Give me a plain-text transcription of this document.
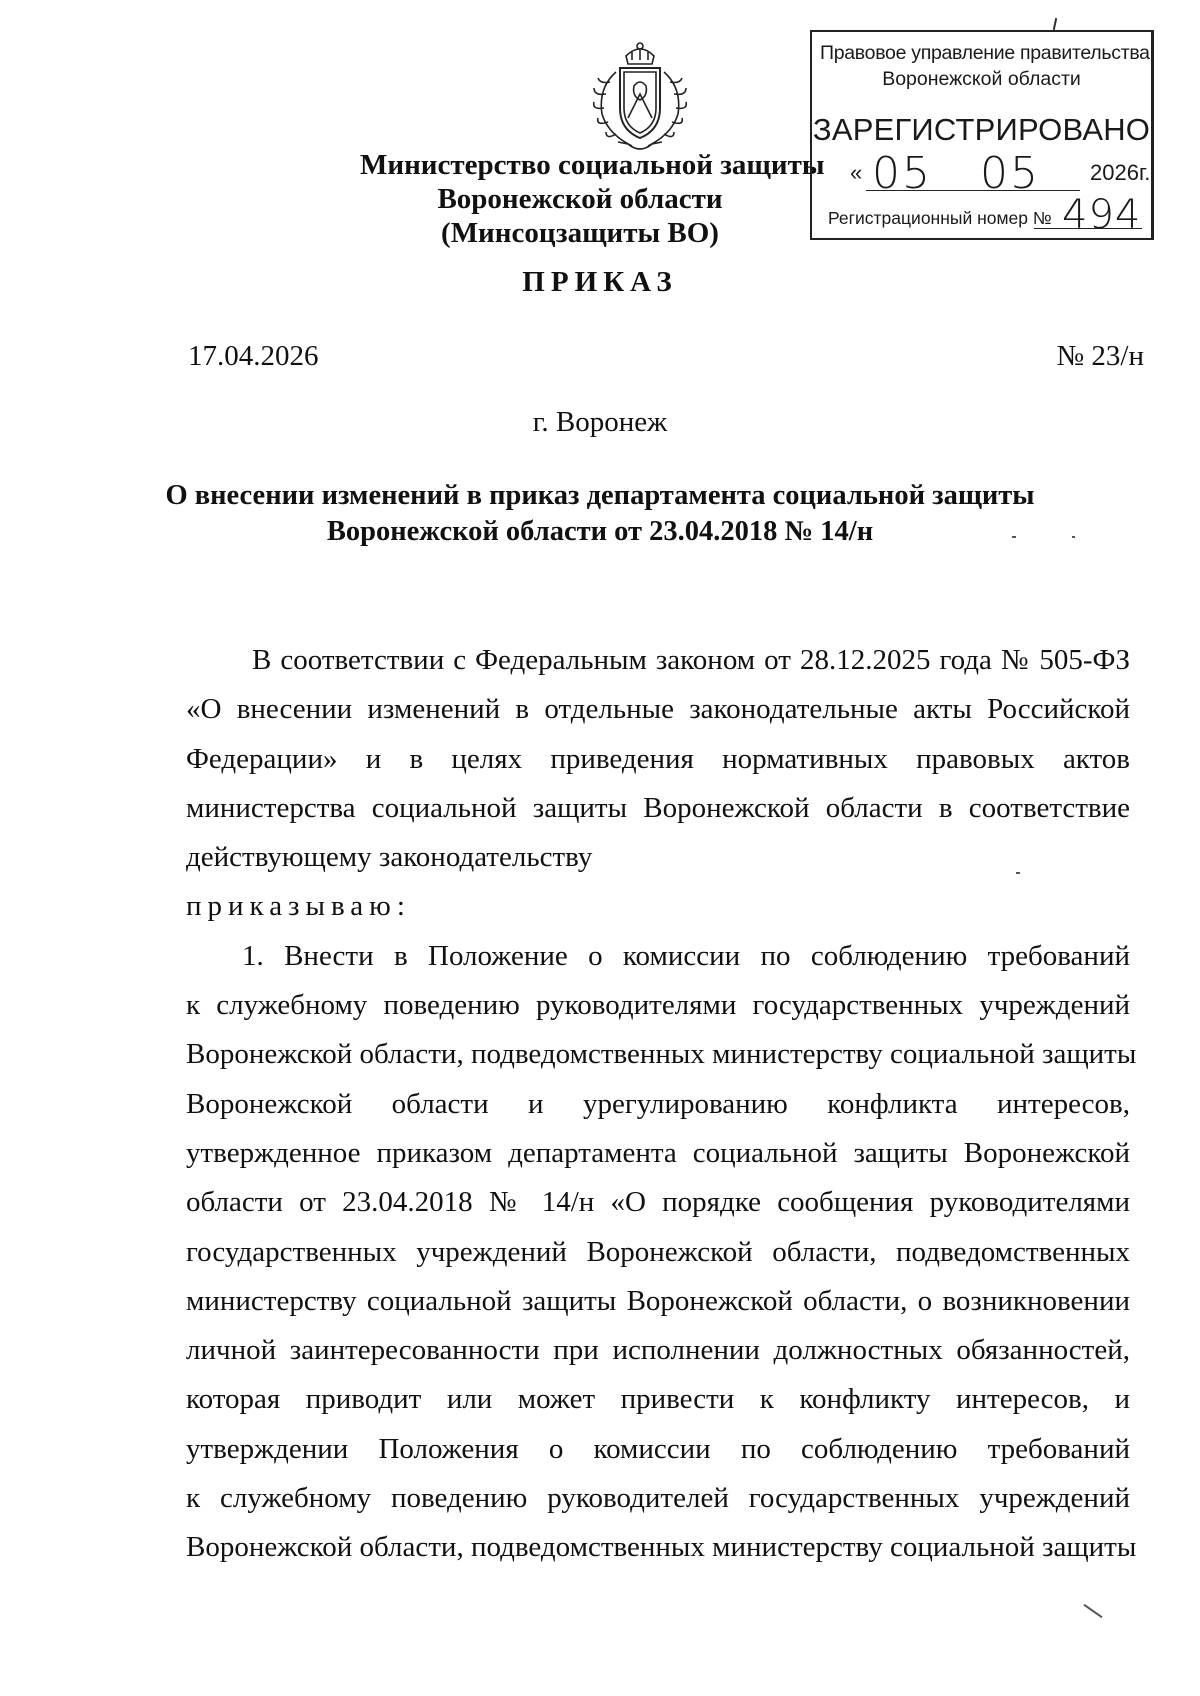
Министерство социальной защиты
Воронежской области
(Минсоцзащиты ВО)
Правовое управление правительства
Воронежской области
ЗАРЕГИСТРИРОВАНО
« 05 05 2026г.
Регистрационный номер № 494
ПРИКАЗ
17.04.2026	№ 23/н
г. Воронеж
О внесении изменений в приказ департамента социальной защиты
Воронежской области от 23.04.2018 № 14/н
В соответствии с Федеральным законом от 28.12.2025 года № 505-ФЗ
«О внесении изменений в отдельные законодательные акты Российской
Федерации» и в целях приведения нормативных правовых актов
министерства социальной защиты Воронежской области в соответствие
действующему законодательству
приказываю:
1. Внести в Положение о комиссии по соблюдению требований
к служебному поведению руководителями государственных учреждений
Воронежской области, подведомственных министерству социальной защиты
Воронежской области и урегулированию конфликта интересов,
утвержденное приказом департамента социальной защиты Воронежской
области от 23.04.2018 № 14/н «О порядке сообщения руководителями
государственных учреждений Воронежской области, подведомственных
министерству социальной защиты Воронежской области, о возникновении
личной заинтересованности при исполнении должностных обязанностей,
которая приводит или может привести к конфликту интересов, и
утверждении Положения о комиссии по соблюдению требований
к служебному поведению руководителей государственных учреждений
Воронежской области, подведомственных министерству социальной защиты
